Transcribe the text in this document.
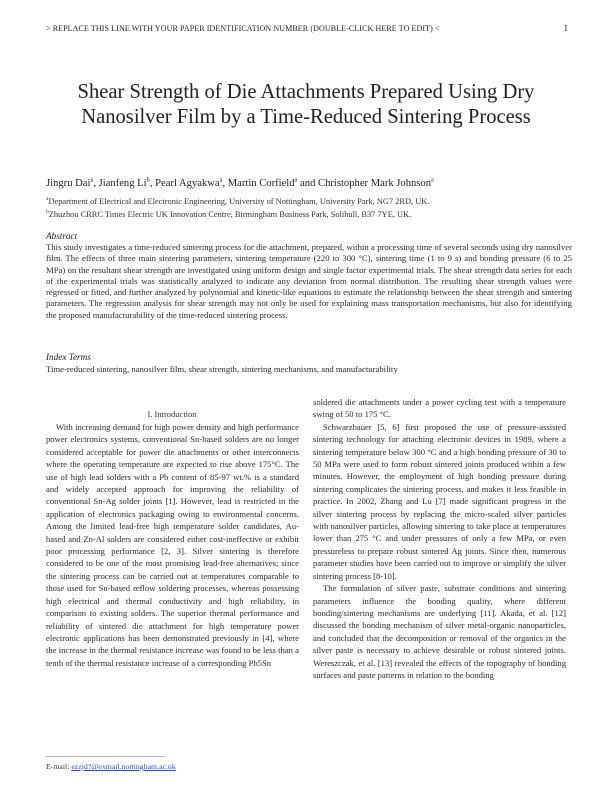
> REPLACE THIS LINE WITH YOUR PAPER IDENTIFICATION NUMBER (DOUBLE-CLICK HERE TO EDIT) <	1
Shear Strength of Die Attachments Prepared Using Dry Nanosilver Film by a Time-Reduced Sintering Process
Jingru Dai$^a$, Jianfeng Li$^b$, Pearl Agyakwa$^a$, Martin Corfield$^a$ and Christopher Mark Johnson$^a$
$^a$Department of Electrical and Electronic Engineering, University of Nottingham, University Park, NG7 2RD, UK.
$^b$Zhuzhou CRRC Times Electric UK Innovation Centre, Birmingham Business Park, Solihull, B37 7YE, UK.
Abstract
This study investigates a time-reduced sintering process for die attachment, prepared, within a processing time of several seconds using dry nanosilver film. The effects of three main sintering parameters, sintering temperature (220 to 300 °C), sintering time (1 to 9 s) and bonding pressure (6 to 25 MPa) on the resultant shear strength are investigated using uniform design and single factor experimental trials. The shear strength data series for each of the experimental trials was statistically analyzed to indicate any deviation from normal distribution. The resulting shear strength values were regressed or fitted, and further analyzed by polynomial and kinetic-like equations to estimate the relationship between the shear strength and sintering parameters. The regression analysis for shear strength may not only be used for explaining mass transportation mechanisms, but also for identifying the proposed manufacturability of the time-reduced sintering process.
Index Terms
Time-reduced sintering, nanosilver film, shear strength, sintering mechanisms, and manufacturability
I. Introduction

With increasing demand for high power density and high performance power electronics systems, conventional Sn-based solders are no longer considered acceptable for power die attachments or other interconnects where the operating temperature are expected to rise above 175°C. The use of high lead solders with a Pb content of 85-97 wt.% is a standard and widely accepted approach for improving the reliability of conventional Sn-Ag solder joints [1]. However, lead is restricted in the application of electronics packaging owing to environmental concerns. Among the limited lead-free high temperature solder candidates, Au-based and Zn-Al solders are considered either cost-ineffective or exhibit poor processing performance [2, 3]. Silver sintering is therefore considered to be one of the most promising lead-free alternatives; since the sintering process can be carried out at temperatures comparable to those used for Sn-based reflow soldering processes, whereas possessing high electrical and thermal conductivity and high reliability, in comparison to existing solders. The superior thermal performance and reliability of sintered die attachment for high temperature power electronic applications has been demonstrated previously in [4], where the increase in the thermal resistance increase was found to be less than a tenth of the thermal resistance increase of a corresponding Pb5Sn

soldered die attachments under a power cycling test with a temperature swing of 50 to 175 °C.

Schwarzbauer [5, 6] first proposed the use of pressure-assisted sintering technology for attaching electronic devices in 1989, where a sintering temperature below 300 °C and a high bonding pressure of 30 to 50 MPa were used to form robust sintered joints produced within a few minutes. However, the employment of high bonding pressure during sintering complicates the sintering process, and makes it less feasible in practice. In 2002, Zhang and Lu [7] made significant progress in the silver sintering process by replacing the micro-scaled silver particles with nanosilver particles, allowing sintering to take place at temperatures lower than 275 °C and under pressures of only a few MPa, or even pressureless to prepare robust sintered Ag joints. Since then, numerous parameter studies have been carried out to improve or simplify the silver sintering process [8-10].

The formulation of silver paste, substrate conditions and sintering parameters influence the bonding quality, where different bonding/sintering mechanisms are underlying [11]. Akada, et al. [12] discussed the bonding mechanism of silver metal-organic nanoparticles, and concluded that the decomposition or removal of the organics in the silver paste is necessary to achieve desirable or robust sintered joints. Wereszczak, et al. [13] revealed the effects of the topography of bonding surfaces and paste patterns in relation to the bonding

E-mail: ezzjd?@exmail.nottingham.ac.uk
